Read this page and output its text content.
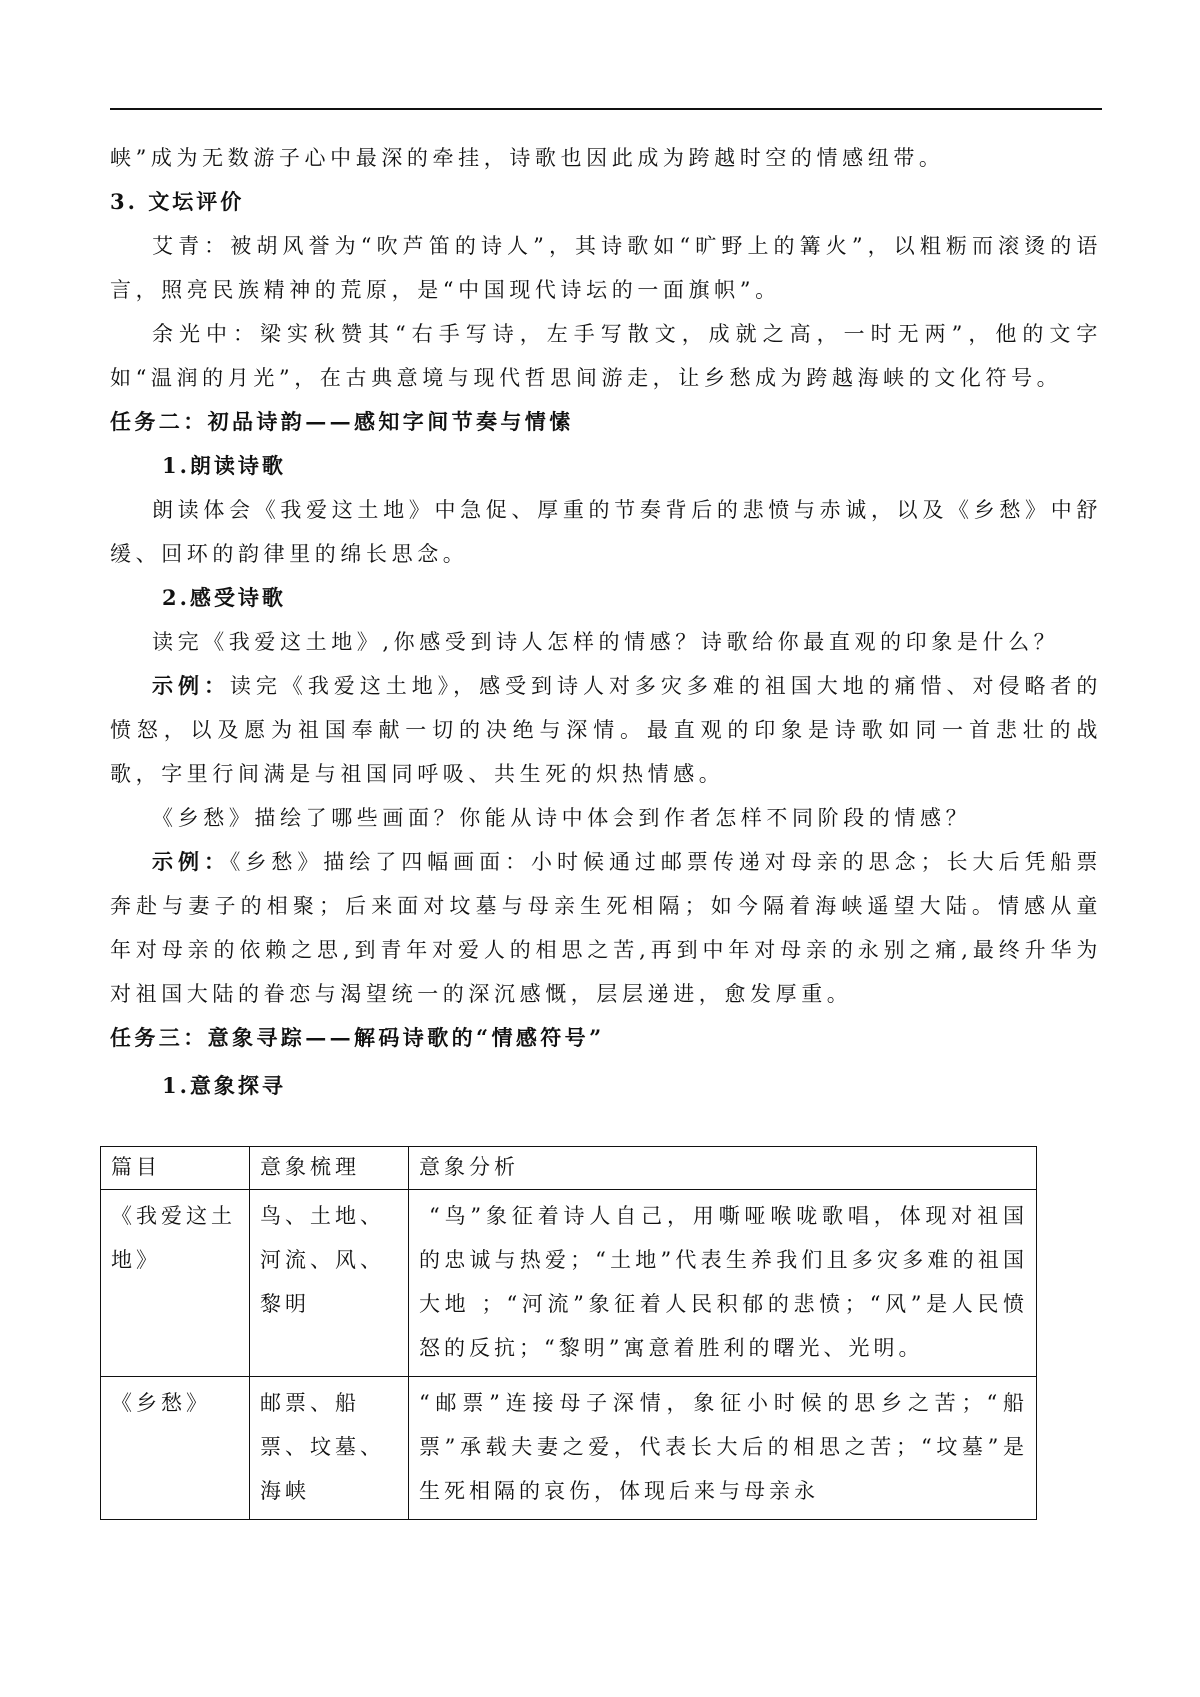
峡”成为无数游子心中最深的牵挂，诗歌也因此成为跨越时空的情感纽带。

3. 文坛评价

艾青：被胡风誉为“吹芦笛的诗人”，其诗歌如“旷野上的篝火”，以粗粝而滚烫的语言，照亮民族精神的荒原，是“中国现代诗坛的一面旗帜”。

余光中：梁实秋赞其“右手写诗，左手写散文，成就之高，一时无两”，他的文字如“温润的月光”，在古典意境与现代哲思间游走，让乡愁成为跨越海峡的文化符号。

任务二：初品诗韵——感知字间节奏与情愫

1.朗读诗歌

朗读体会《我爱这土地》中急促、厚重的节奏背后的悲愤与赤诚，以及《乡愁》中舒缓、回环的韵律里的绵长思念。

2.感受诗歌

读完《我爱这土地》,你感受到诗人怎样的情感？诗歌给你最直观的印象是什么？

示例：读完《我爱这土地》，感受到诗人对多灾多难的祖国大地的痛惜、对侵略者的愤怒，以及愿为祖国奉献一切的决绝与深情。最直观的印象是诗歌如同一首悲壮的战歌，字里行间满是与祖国同呼吸、共生死的炽热情感。

《乡愁》描绘了哪些画面？你能从诗中体会到作者怎样不同阶段的情感？

示例：《乡愁》描绘了四幅画面：小时候通过邮票传递对母亲的思念；长大后凭船票奔赴与妻子的相聚；后来面对坟墓与母亲生死相隔；如今隔着海峡遥望大陆。情感从童年对母亲的依赖之思,到青年对爱人的相思之苦,再到中年对母亲的永别之痛,最终升华为对祖国大陆的眷恋与渴望统一的深沉感慨，层层递进，愈发厚重。

任务三：意象寻踪——解码诗歌的“情感符号”

1.意象探寻

篇目	意象梳理	意象分析
《我爱这土地》	鸟、土地、河流、风、黎明	“鸟”象征着诗人自己，用嘶哑喉咙歌唱，体现对祖国的忠诚与热爱；“土地”代表生养我们且多灾多难的祖国大地 ；“河流”象征着人民积郁的悲愤；“风”是人民愤怒的反抗；“黎明”寓意着胜利的曙光、光明。

《乡愁》	邮票、船票、坟墓、海峡	“邮票”连接母子深情，象征小时候的思乡之苦；“船票”承载夫妻之爱，代表长大后的相思之苦；“坟墓”是生死相隔的哀伤，体现后来与母亲永
